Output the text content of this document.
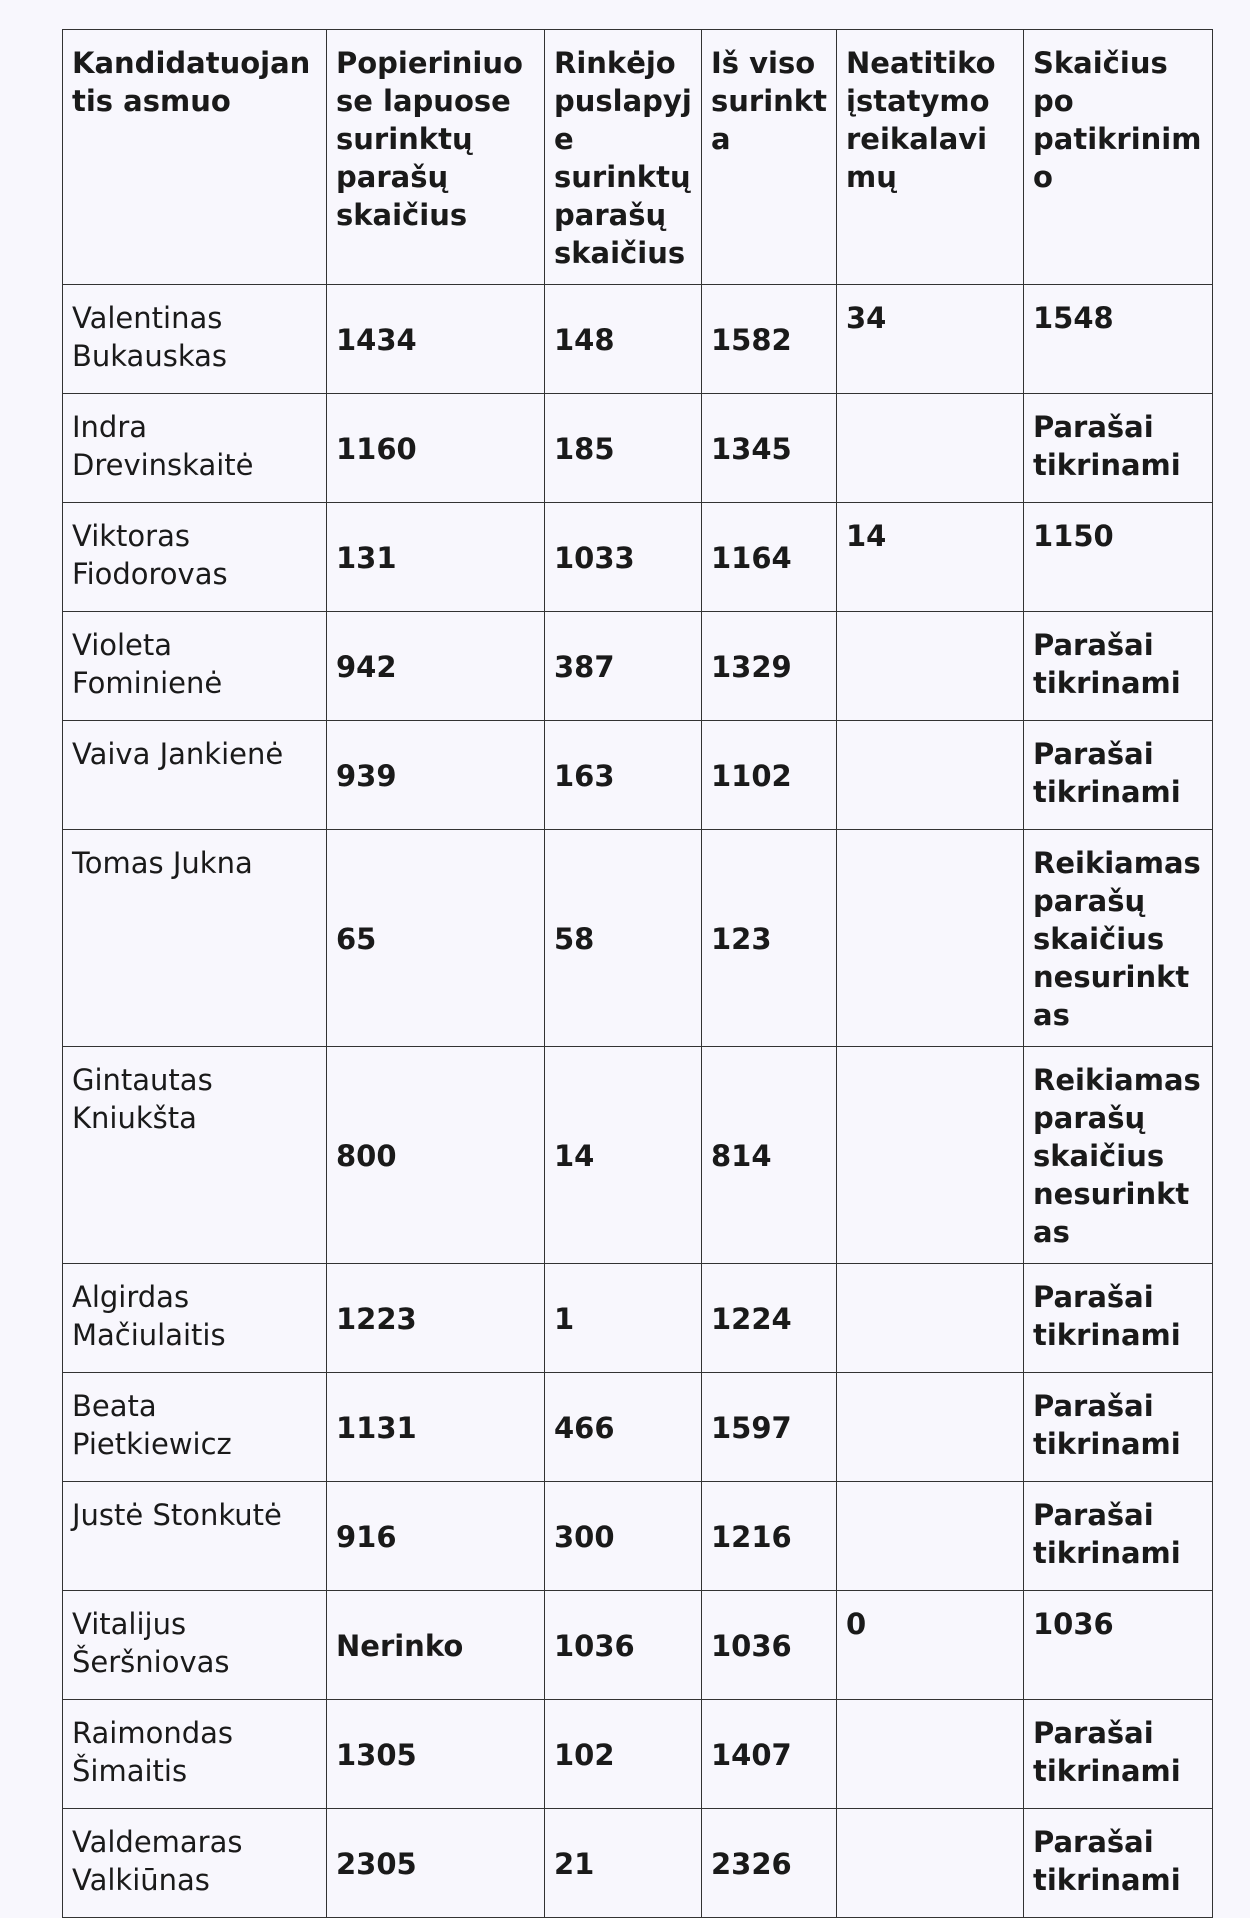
Kandidatuojantis asmuo	Popieriniuose lapuose surinktų parašų skaičius	Rinkėjo puslapyje surinktų parašų skaičius	Iš viso surinkta	Neatitiko įstatymo reikalavimų	Skaičius po patikrinimo
Valentinas Bukauskas	1434	148	1582	34	1548
Indra Drevinskaitė	1160	185	1345		Parašai tikrinami
Viktoras Fiodorovas	131	1033	1164	14	1150
Violeta Fominienė	942	387	1329		Parašai tikrinami
Vaiva Jankienė	939	163	1102		Parašai tikrinami
Tomas Jukna	65	58	123		Reikiamas parašų skaičius nesurinktas
Gintautas Kniukšta	800	14	814		Reikiamas parašų skaičius nesurinktas
Algirdas Mačiulaitis	1223	1	1224		Parašai tikrinami
Beata Pietkiewicz	1131	466	1597		Parašai tikrinami
Justė Stonkutė	916	300	1216		Parašai tikrinami
Vitalijus Šeršniovas	Nerinko	1036	1036	0	1036
Raimondas Šimaitis	1305	102	1407		Parašai tikrinami
Valdemaras Valkiūnas	2305	21	2326		Parašai tikrinami
